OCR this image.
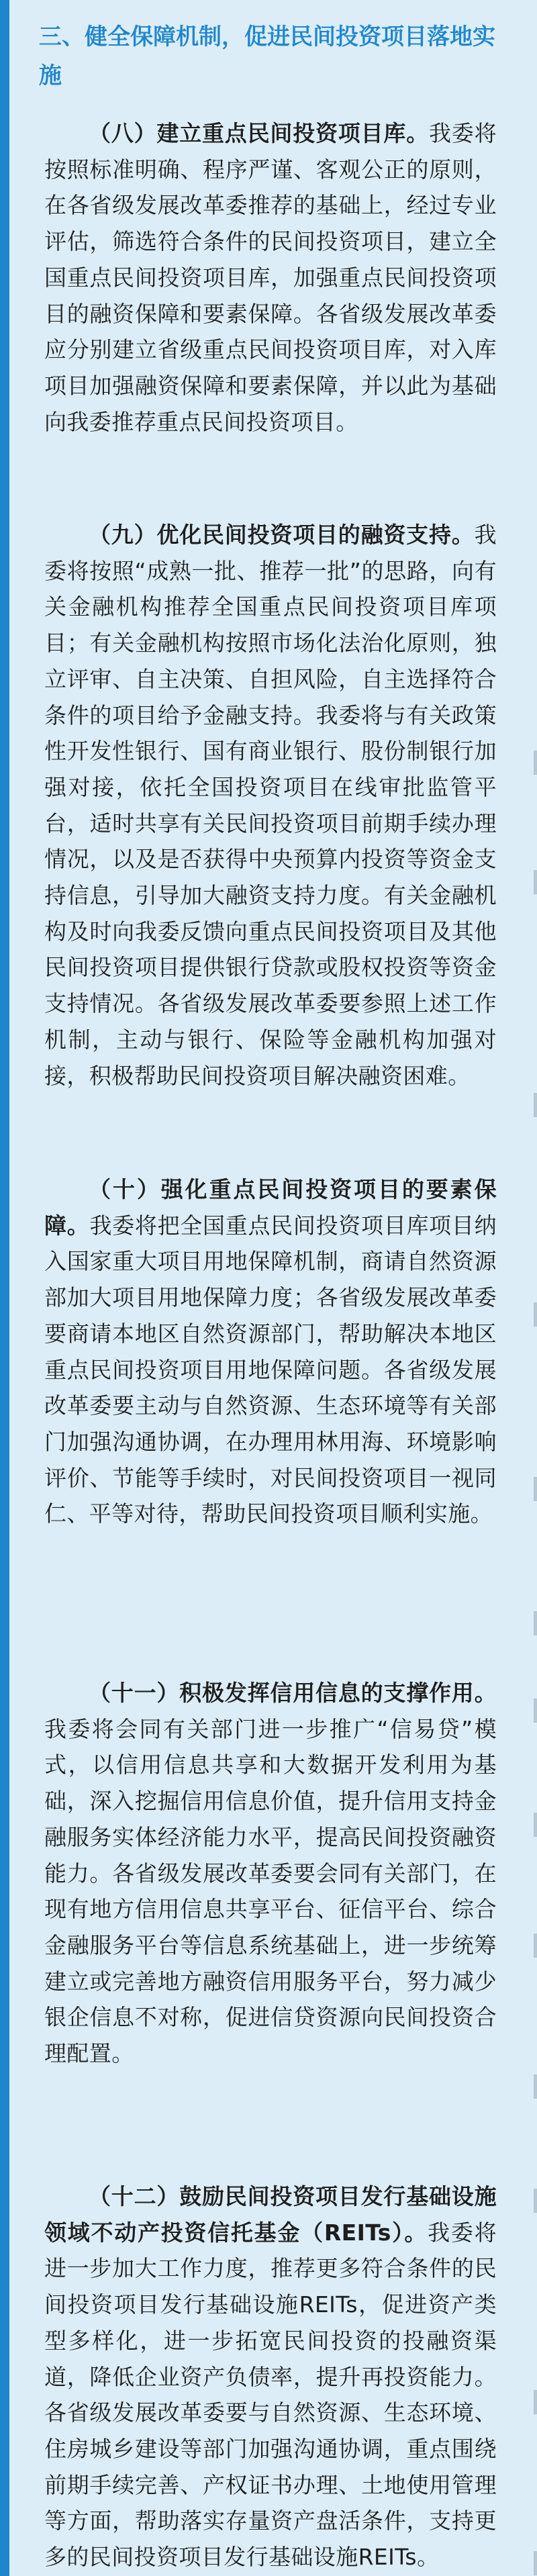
三、健全保障机制，促进民间投资项目落地实施

（八）建立重点民间投资项目库。我委将按照标准明确、程序严谨、客观公正的原则，在各省级发展改革委推荐的基础上，经过专业评估，筛选符合条件的民间投资项目，建立全国重点民间投资项目库，加强重点民间投资项目的融资保障和要素保障。各省级发展改革委应分别建立省级重点民间投资项目库，对入库项目加强融资保障和要素保障，并以此为基础向我委推荐重点民间投资项目。

（九）优化民间投资项目的融资支持。我委将按照“成熟一批、推荐一批”的思路，向有关金融机构推荐全国重点民间投资项目库项目；有关金融机构按照市场化法治化原则，独立评审、自主决策、自担风险，自主选择符合条件的项目给予金融支持。我委将与有关政策性开发性银行、国有商业银行、股份制银行加强对接，依托全国投资项目在线审批监管平台，适时共享有关民间投资项目前期手续办理情况，以及是否获得中央预算内投资等资金支持信息，引导加大融资支持力度。有关金融机构及时向我委反馈向重点民间投资项目及其他民间投资项目提供银行贷款或股权投资等资金支持情况。各省级发展改革委要参照上述工作机制，主动与银行、保险等金融机构加强对接，积极帮助民间投资项目解决融资困难。

（十）强化重点民间投资项目的要素保障。我委将把全国重点民间投资项目库项目纳入国家重大项目用地保障机制，商请自然资源部加大项目用地保障力度；各省级发展改革委要商请本地区自然资源部门，帮助解决本地区重点民间投资项目用地保障问题。各省级发展改革委要主动与自然资源、生态环境等有关部门加强沟通协调，在办理用林用海、环境影响评价、节能等手续时，对民间投资项目一视同仁、平等对待，帮助民间投资项目顺利实施。

（十一）积极发挥信用信息的支撑作用。我委将会同有关部门进一步推广“信易贷”模式，以信用信息共享和大数据开发利用为基础，深入挖掘信用信息价值，提升信用支持金融服务实体经济能力水平，提高民间投资融资能力。各省级发展改革委要会同有关部门，在现有地方信用信息共享平台、征信平台、综合金融服务平台等信息系统基础上，进一步统筹建立或完善地方融资信用服务平台，努力减少银企信息不对称，促进信贷资源向民间投资合理配置。

（十二）鼓励民间投资项目发行基础设施领域不动产投资信托基金（REITs）。我委将进一步加大工作力度，推荐更多符合条件的民间投资项目发行基础设施REITs，促进资产类型多样化，进一步拓宽民间投资的投融资渠道，降低企业资产负债率，提升再投资能力。各省级发展改革委要与自然资源、生态环境、住房城乡建设等部门加强沟通协调，重点围绕前期手续完善、产权证书办理、土地使用管理等方面，帮助落实存量资产盘活条件，支持更多的民间投资项目发行基础设施REITs。
